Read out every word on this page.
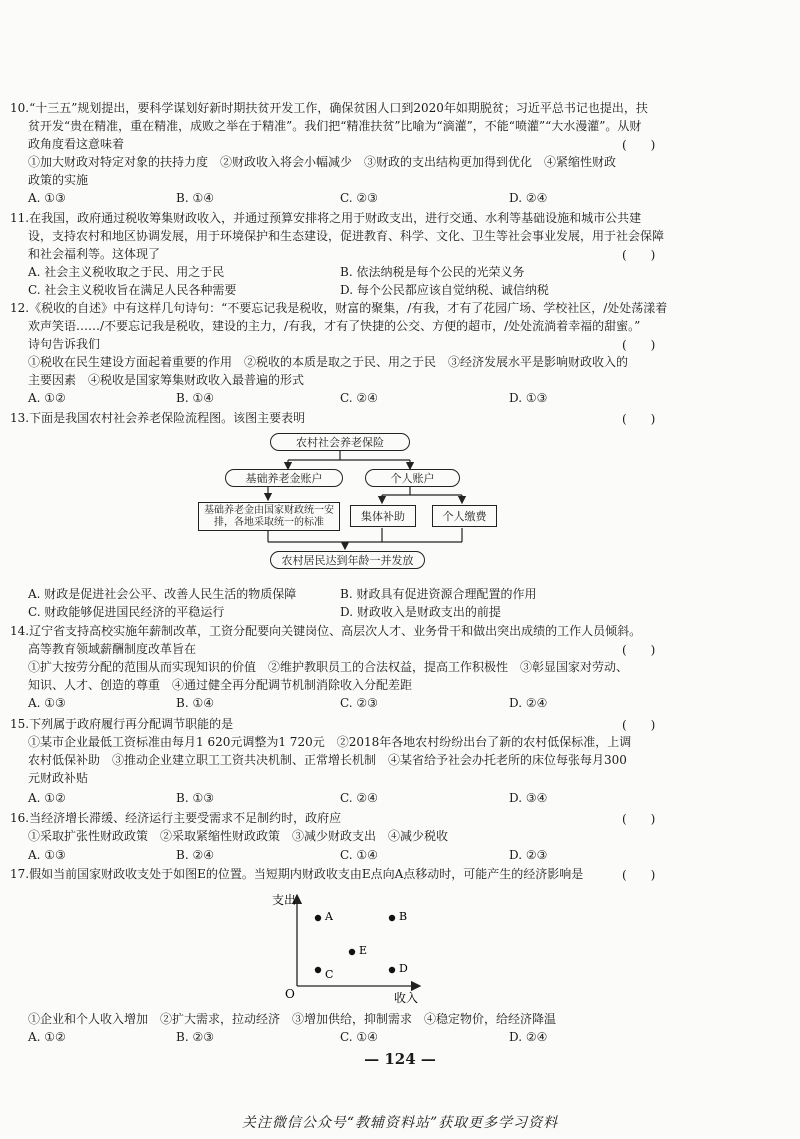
10.“十三五”规划提出，要科学谋划好新时期扶贫开发工作，确保贫困人口到2020年如期脱贫；习近平总书记也提出，扶
贫开发“贵在精准，重在精准，成败之举在于精准”。我们把“精准扶贫”比喻为“滴灌”，不能“喷灌”“大水漫灌”。从财
政角度看这意味着	(　　)
①加大财政对特定对象的扶持力度　②财政收入将会小幅减少　③财政的支出结构更加得到优化　④紧缩性财政
政策的实施
A. ①③	B. ①④	C. ②③	D. ②④
11.在我国，政府通过税收筹集财政收入，并通过预算安排将之用于财政支出，进行交通、水利等基础设施和城市公共建
设，支持农村和地区协调发展，用于环境保护和生态建设，促进教育、科学、文化、卫生等社会事业发展，用于社会保障
和社会福利等。这体现了	(　　)
A. 社会主义税收取之于民、用之于民	B. 依法纳税是每个公民的光荣义务
C. 社会主义税收旨在满足人民各种需要	D. 每个公民都应该自觉纳税、诚信纳税
12.《税收的自述》中有这样几句诗句：“不要忘记我是税收，财富的聚集，/有我，才有了花园广场、学校社区，/处处荡漾着
欢声笑语……/不要忘记我是税收，建设的主力，/有我，才有了快捷的公交、方便的超市，/处处流淌着幸福的甜蜜。”
诗句告诉我们	(　　)
①税收在民生建设方面起着重要的作用　②税收的本质是取之于民、用之于民　③经济发展水平是影响财政收入的
主要因素　④税收是国家筹集财政收入最普遍的形式
A. ①②	B. ①④	C. ②④	D. ①③
13.下面是我国农村社会养老保险流程图。该图主要表明	(　　)
农村社会养老保险
基础养老金账户	个人账户
基础养老金由国家财政统一安排，各地采取统一的标准	集体补助	个人缴费
农村居民达到年龄一并发放
A. 财政是促进社会公平、改善人民生活的物质保障	B. 财政具有促进资源合理配置的作用
C. 财政能够促进国民经济的平稳运行	D. 财政收入是财政支出的前提
14.辽宁省支持高校实施年薪制改革，工资分配要向关键岗位、高层次人才、业务骨干和做出突出成绩的工作人员倾斜。
高等教育领域薪酬制度改革旨在	(　　)
①扩大按劳分配的范围从而实现知识的价值　②维护教职员工的合法权益，提高工作积极性　③彰显国家对劳动、
知识、人才、创造的尊重　④通过健全再分配调节机制消除收入分配差距
A. ①③	B. ①④	C. ②③	D. ②④
15.下列属于政府履行再分配调节职能的是	(　　)
①某市企业最低工资标准由每月1 620元调整为1 720元　②2018年各地农村纷纷出台了新的农村低保标准，上调
农村低保补助　③推动企业建立职工工资共决机制、正常增长机制　④某省给予社会办托老所的床位每张每月300
元财政补贴
A. ①②	B. ①③	C. ②④	D. ③④
16.当经济增长滞缓、经济运行主要受需求不足制约时，政府应	(　　)
①采取扩张性财政政策　②采取紧缩性财政政策　③减少财政支出　④减少税收
A. ①③	B. ②④	C. ①④	D. ②③
17.假如当前国家财政收支处于如图E的位置。当短期内财政收支由E点向A点移动时，可能产生的经济影响是	(　　)
支出
收入
O
A	B
E
C	D
①企业和个人收入增加　②扩大需求，拉动经济　③增加供给，抑制需求　④稳定物价，给经济降温
A. ①②	B. ②③	C. ①④	D. ②④
— 124 —
关注微信公众号“教辅资料站”获取更多学习资料
